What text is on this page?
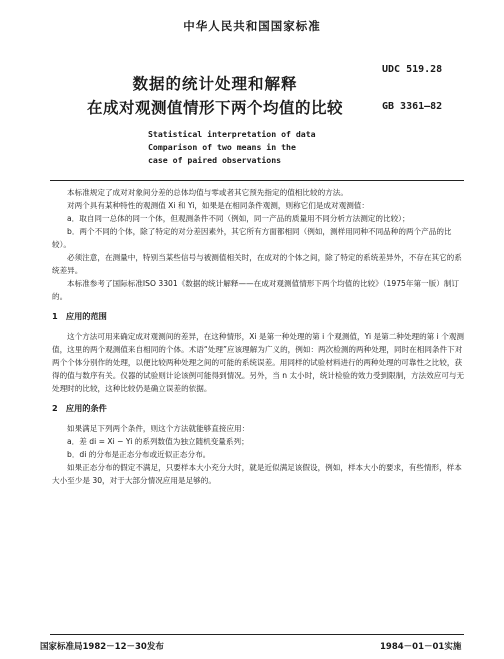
中华人民共和国国家标准
UDC 519.28
数据的统计处理和解释
在成对观测值情形下两个均值的比较	GB 3361—82
Statistical interpretation of data
Comparison of two means in the
case of paired observations

本标准规定了成对对象间分差的总体均值与零或者其它预先指定的值相比较的方法。

对两个具有某种特性的观测值 Xi 和 Yi，如果是在相同条件观测，则称它们是成对观测值：

a．取自同一总体的同一个体，但观测条件不同（例如，同一产品的质量用不同分析方法测定的比较）；

b．两个不同的个体，除了特定的对分差因素外，其它所有方面都相同（例如，测样用同种不同品种的两个产品的比较）。

必须注意，在测量中，特别当某些信号与被测值相关时，在成对的个体之间，除了特定的系统差异外，不存在其它的系统差异。

本标准参考了国际标准ISO 3301《数据的统计解释——在成对观测值情形下两个均值的比较》（1975年第一版）制订的。

1　应用的范围

这个方法可用来确定成对观测间的差异，在这种情形，Xi 是第一种处理的第 i 个观测值，Yi 是第二种处理的第 i 个观测值，这里的两个观测值来自相同的个体。术语“处理”应该理解为广义的，例如：两次检测的两种处理，同时在相同条件下对两个个体分别作的处理，以便比较两种处理之间的可能的系统误差。用同样的试验材料进行的两种处理的可靠性之比较，获得的值与数序有关。仪器的试验则计论该例可能得到情况。另外，当 n 太小时，统计检验的效力受到限制，方法效应可与无处理时的比较，这种比较仍是确立误差的依据。

2　应用的条件

如果满足下列两个条件，则这个方法就能够直接应用：

a．差 di = Xi − Yi 的系列数值为独立随机变量系列；

b．di 的分布是正态分布或近似正态分布。

如果正态分布的假定不满足，只要样本大小充分大时，就是近似满足该假设，例如，样本大小的要求，有些情形，样本大小至少是 30，对于大部分情况应用是足够的。

国家标准局1982－12－30发布	1984－01－01实施
